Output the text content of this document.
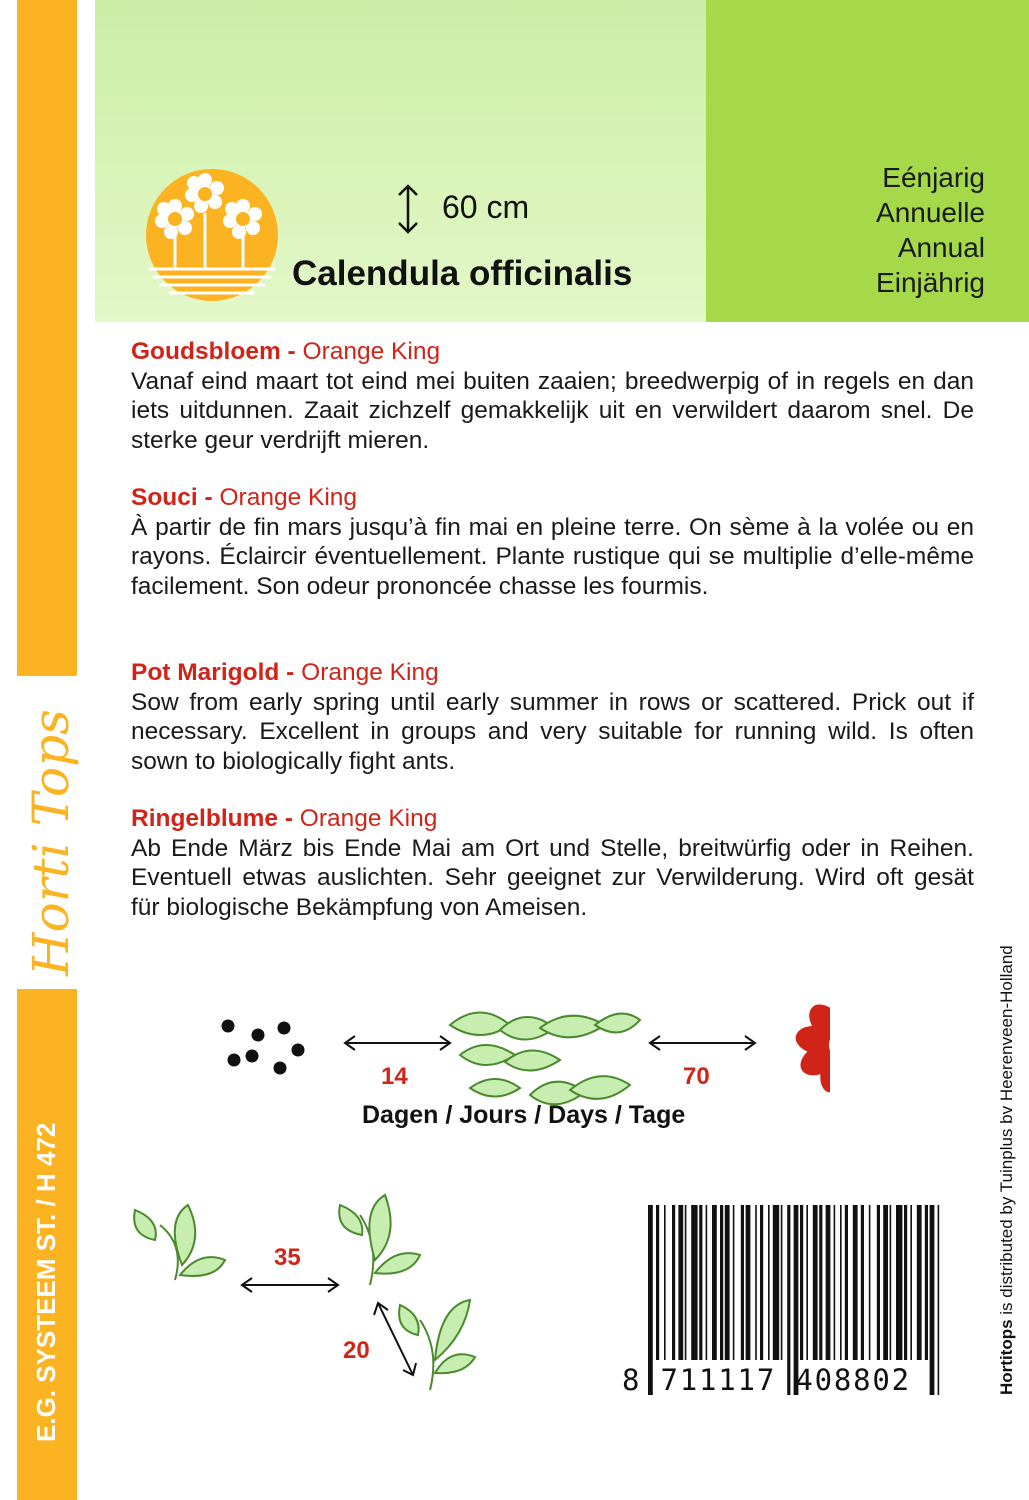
Horti Tops
E.G. SYSTEEM ST. / H 472	Hortitops is distributed by Tuinplus bv Heerenveen-Holland
Eénjarig
Annuelle
Annual
Einjährig
60 cm
Calendula officinalis
Goudsbloem - Orange King

Vanaf eind maart tot eind mei buiten zaaien; breedwerpig of in regels en dan iets uitdunnen. Zaait zichzelf gemakkelijk uit en verwildert daarom snel. De sterke geur verdrijft mieren.

Souci - Orange King

À partir de fin mars jusqu’à fin mai en pleine terre. On sème à la volée ou en rayons. Éclaircir éventuellement. Plante rustique qui se multiplie d’elle-même facilement. Son odeur prononcée chasse les fourmis.

Pot Marigold - Orange King

Sow from early spring until early summer in rows or scattered. Prick out if necessary. Excellent in groups and very suitable for running wild. Is often sown to biologically fight ants.

Ringelblume - Orange King

Ab Ende März bis Ende Mai am Ort und Stelle, breitwürfig oder in Reihen. Eventuell etwas auslichten. Sehr geeignet zur Verwilderung. Wird oft gesät für biologische Bekämpfung von Ameisen.

14	70
Dagen / Jours / Days / Tage
35
20
8 711117 408802
